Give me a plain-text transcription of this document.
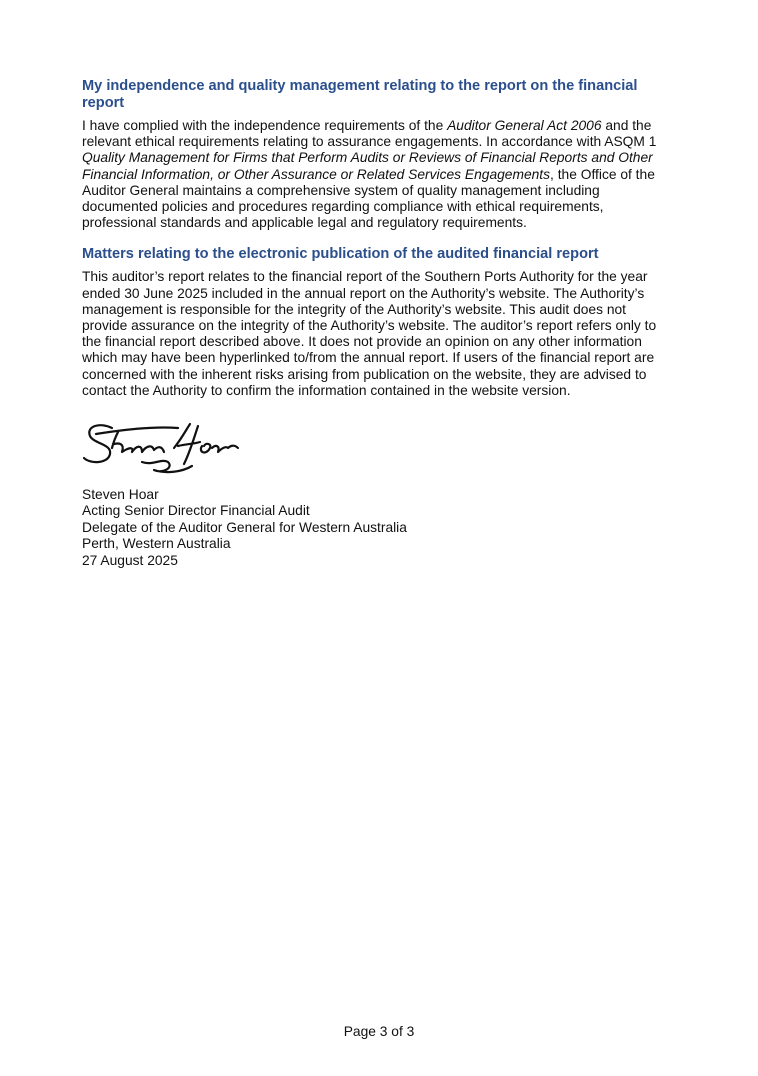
My independence and quality management relating to the report on the financial report

I have complied with the independence requirements of the Auditor General Act 2006 and the relevant ethical requirements relating to assurance engagements. In accordance with ASQM 1 Quality Management for Firms that Perform Audits or Reviews of Financial Reports and Other Financial Information, or Other Assurance or Related Services Engagements, the Office of the Auditor General maintains a comprehensive system of quality management including documented policies and procedures regarding compliance with ethical requirements, professional standards and applicable legal and regulatory requirements.

Matters relating to the electronic publication of the audited financial report

This auditor’s report relates to the financial report of the Southern Ports Authority for the year ended 30 June 2025 included in the annual report on the Authority’s website. The Authority’s management is responsible for the integrity of the Authority’s website. This audit does not provide assurance on the integrity of the Authority’s website. The auditor’s report refers only to the financial report described above. It does not provide an opinion on any other information which may have been hyperlinked to/from the annual report. If users of the financial report are concerned with the inherent risks arising from publication on the website, they are advised to contact the Authority to confirm the information contained in the website version.

Steven Hoar
Acting Senior Director Financial Audit
Delegate of the Auditor General for Western Australia
Perth, Western Australia
27 August 2025
Page 3 of 3
